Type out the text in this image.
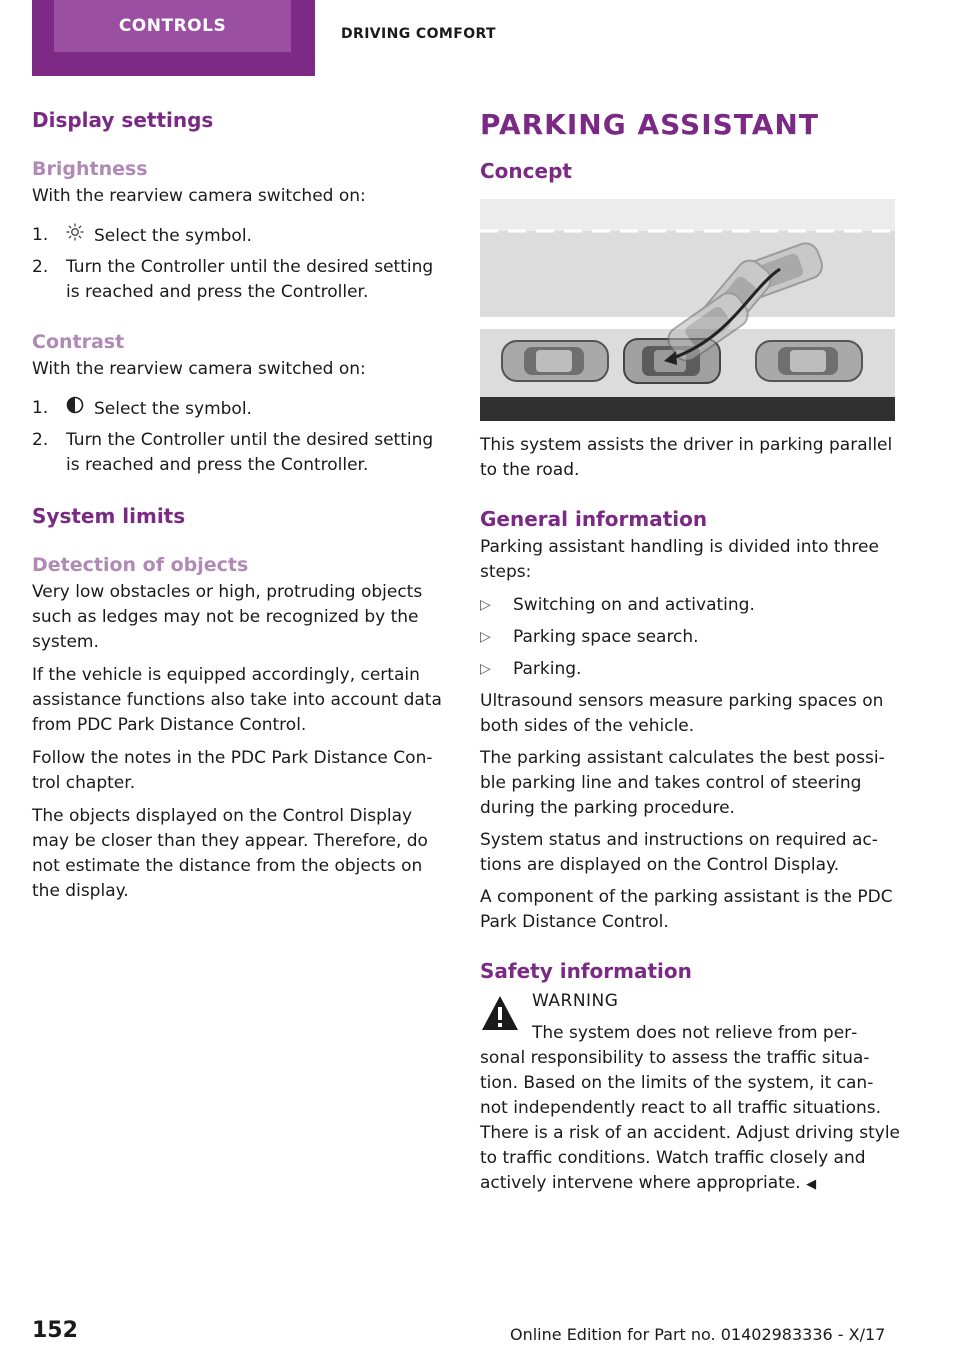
CONTROLS	DRIVING COMFORT
Display settings
Brightness

With the rearview camera switched on:

1.	Select the symbol.
2.	Turn the Controller until the desired setting is reached and press the Controller.
Contrast

With the rearview camera switched on:

1.	Select the symbol.
2.	Turn the Controller until the desired setting is reached and press the Controller.
System limits
Detection of objects

Very low obstacles or high, protruding objects such as ledges may not be recognized by the system.

If the vehicle is equipped accordingly, certain assistance functions also take into account data from PDC Park Distance Control.

Follow the notes in the PDC Park Distance Con‐ trol chapter.

The objects displayed on the Control Display may be closer than they appear. Therefore, do not estimate the distance from the objects on the display.

PARKING ASSISTANT
Concept

This system assists the driver in parking parallel to the road.

General information

Parking assistant handling is divided into three steps:

▷	Switching on and activating.
▷	Parking space search.
▷	Parking.

Ultrasound sensors measure parking spaces on both sides of the vehicle.

The parking assistant calculates the best possi‐ ble parking line and takes control of steering during the parking procedure.

System status and instructions on required ac‐ tions are displayed on the Control Display.

A component of the parking assistant is the PDC Park Distance Control.

Safety information

WARNING

The system does not relieve from per‐

sonal responsibility to assess the traffic situa‐ tion. Based on the limits of the system, it can‐ not independently react to all traffic situations. There is a risk of an accident. Adjust driving style to traffic conditions. Watch traffic closely and actively intervene where appropriate. ◀

152	Online Edition for Part no. 01402983336 - X/17
